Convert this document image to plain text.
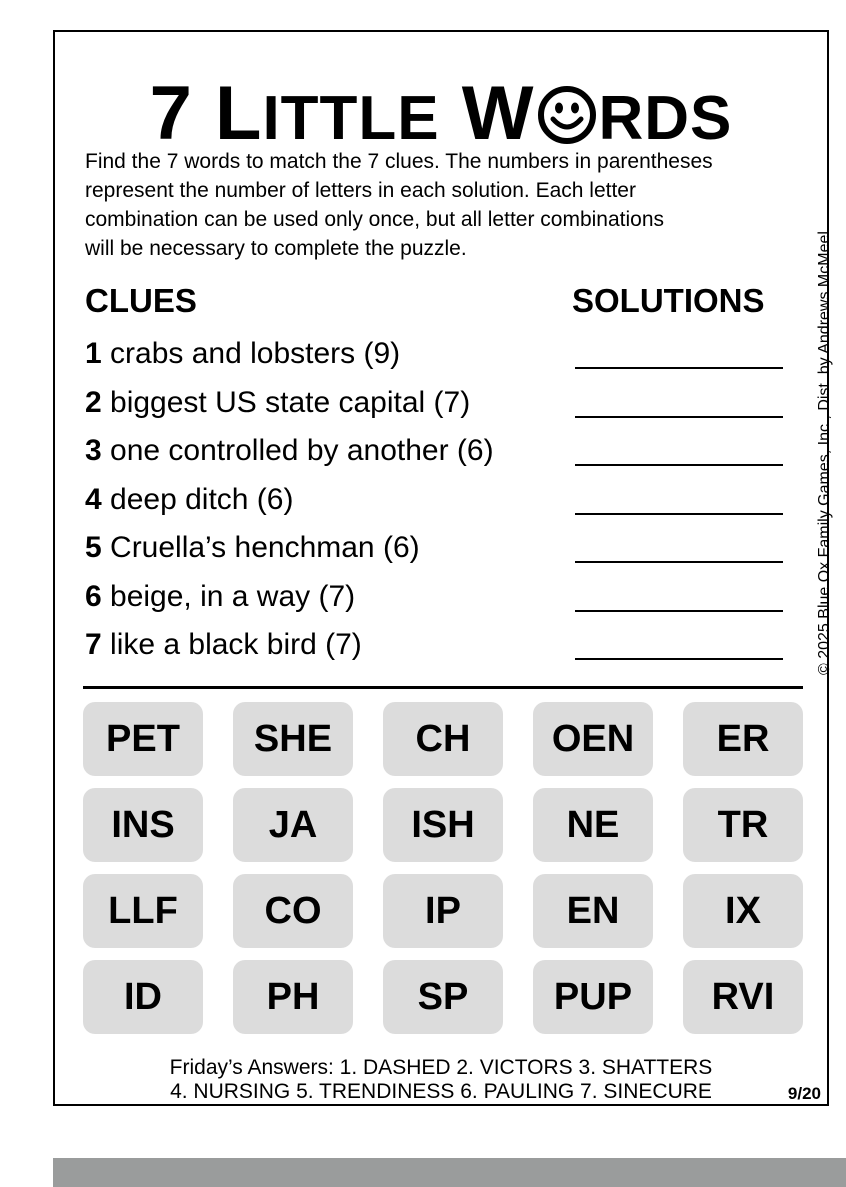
7 LITTLE W RDS
Find the 7 words to match the 7 clues. The numbers in parentheses
represent the number of letters in each solution. Each letter
combination can be used only once, but all letter combinations
will be necessary to complete the puzzle.
CLUES	SOLUTIONS
1 crabs and lobsters (9)
2 biggest US state capital (7)
3 one controlled by another (6)
4 deep ditch (6)
5 Cruella’s henchman (6)
6 beige, in a way (7)
7 like a black bird (7)
PET	SHE	CH	OEN	ER
INS	JA	ISH	NE	TR
LLF	CO	IP	EN	IX
ID	PH	SP	PUP	RVI
Friday’s Answers: 1. DASHED 2. VICTORS 3. SHATTERS
4. NURSING 5. TRENDINESS 6. PAULING 7. SINECURE	9/20
© 2025 Blue Ox Family Games, Inc., Dist. by Andrews McMeel
